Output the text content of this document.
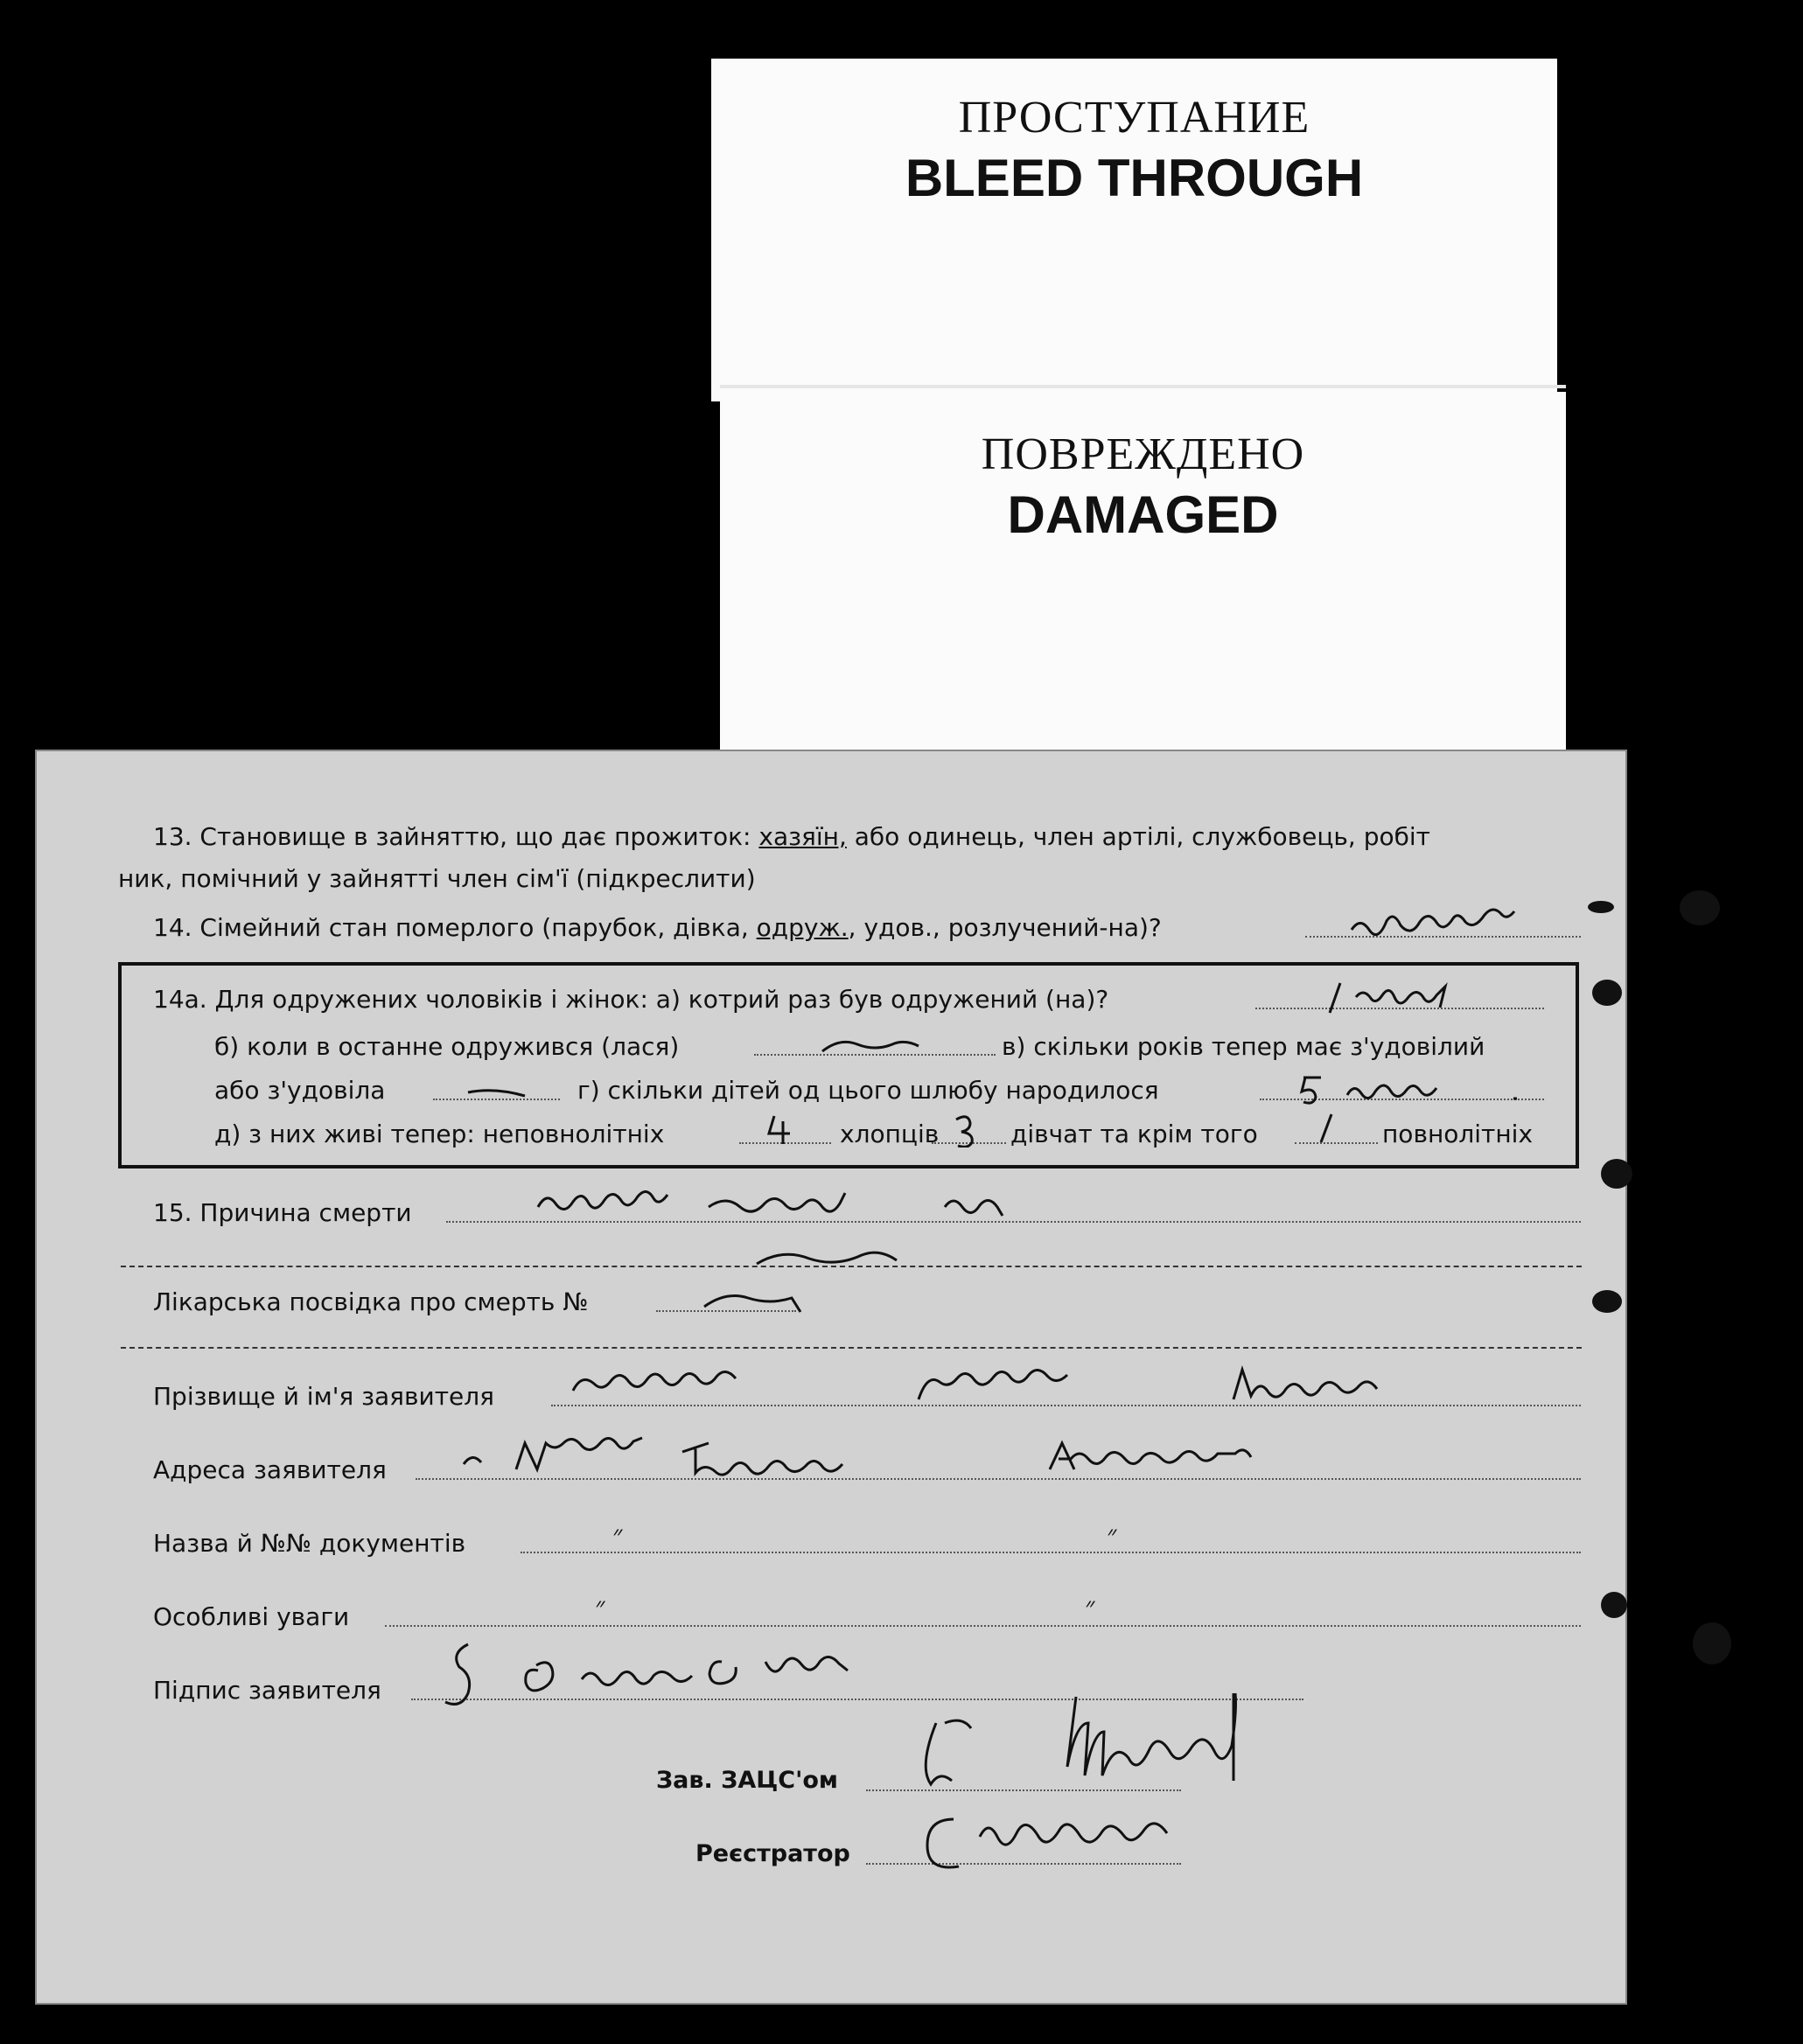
ПРОСТУПАНИЕ
BLEED THROUGH
ПОВРЕЖДЕНО
DAMAGED
13. Становище в зайняттю, що дає прожиток: хазяїн, або одинець, член артілі, службовець, робіт
ник, помічний у зайнятті член сім'ї (підкреслити)
14. Сімейний стан померлого (парубок, дівка, одруж., удов., розлучений-на)?
14а. Для одружених чоловіків і жінок: а) котрий раз був одружений (на)?
б) коли в останне одружився (лася)	в) скільки років тепер має з'удовілий
або з'удовіла	г) скільки дітей од цього шлюбу народилося
д) з них живі тепер: неповнолітніх	хлопців	дівчат та крім того	повнолітніх
15. Причина смерти
Лікарська посвідка про смерть №
Прізвище й ім'я заявителя
Адреса заявителя
Назва й №№ документів	״	״
Особливі уваги	״	״
Підпис заявителя
Зав. ЗАЦС'ом
Реєстратор
